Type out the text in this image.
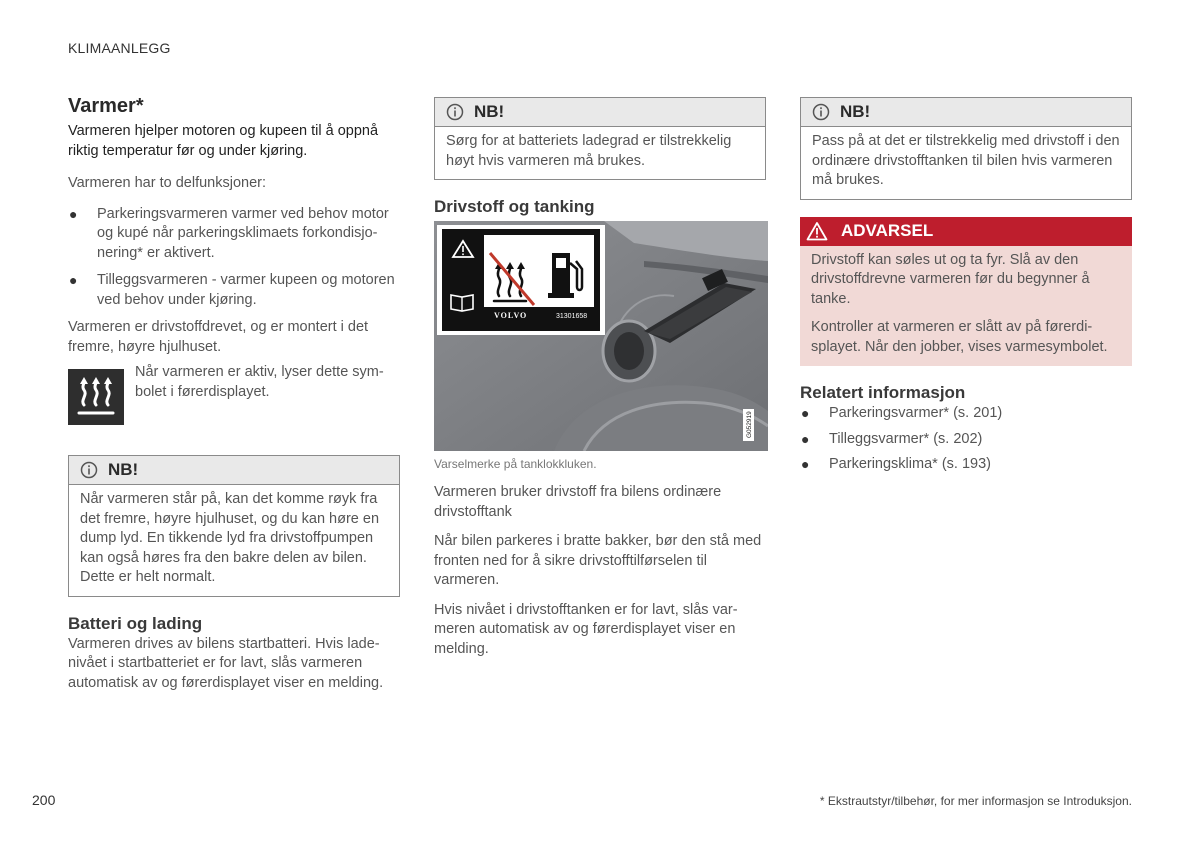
KLIMAANLEGG
Varmer*

Varmeren hjelper motoren og kupeen til å oppnå riktig temperatur før og under kjøring.

Varmeren har to delfunksjoner:

● Parkeringsvarmeren varmer ved behov motor og kupé når parkeringsklimaets forkondisjonering* er aktivert.
● Tilleggsvarmeren - varmer kupeen og motoren ved behov under kjøring.

Varmeren er drivstoffdrevet, og er montert i det fremre, høyre hjulhuset.

Når varmeren er aktiv, lyser dette symbolet i førerdisplayet.

NB!

Når varmeren står på, kan det komme røyk fra det fremre, høyre hjulhuset, og du kan høre en dump lyd. En tikkende lyd fra drivstoffpumpen kan også høres fra den bakre delen av bilen. Dette er helt normalt.

Batteri og lading

Varmeren drives av bilens startbatteri. Hvis ladenivået i startbatteriet er for lavt, slås varmeren automatisk av og førerdisplayet viser en melding.

NB!

Sørg for at batteriets ladegrad er tilstrekkelig høyt hvis varmeren må brukes.

Drivstoff og tanking
VOLVO	31301658
G052919

Varselmerke på tanklokkluken.

Varmeren bruker drivstoff fra bilens ordinære drivstofftank

Når bilen parkeres i bratte bakker, bør den stå med fronten ned for å sikre drivstofftilførselen til varmeren.

Hvis nivået i drivstofftanken er for lavt, slås varmeren automatisk av og førerdisplayet viser en melding.

NB!

Pass på at det er tilstrekkelig med drivstoff i den ordinære drivstofftanken til bilen hvis varmeren må brukes.

ADVARSEL

Drivstoff kan søles ut og ta fyr. Slå av den drivstoffdrevne varmeren før du begynner å tanke.

Kontroller at varmeren er slått av på førerdisplayet. Når den jobber, vises varmesymbolet.

Relatert informasjon
● Parkeringsvarmer* (s. 201)
● Tilleggsvarmer* (s. 202)
● Parkeringsklima* (s. 193)
200	* Ekstrautstyr/tilbehør, for mer informasjon se Introduksjon.
